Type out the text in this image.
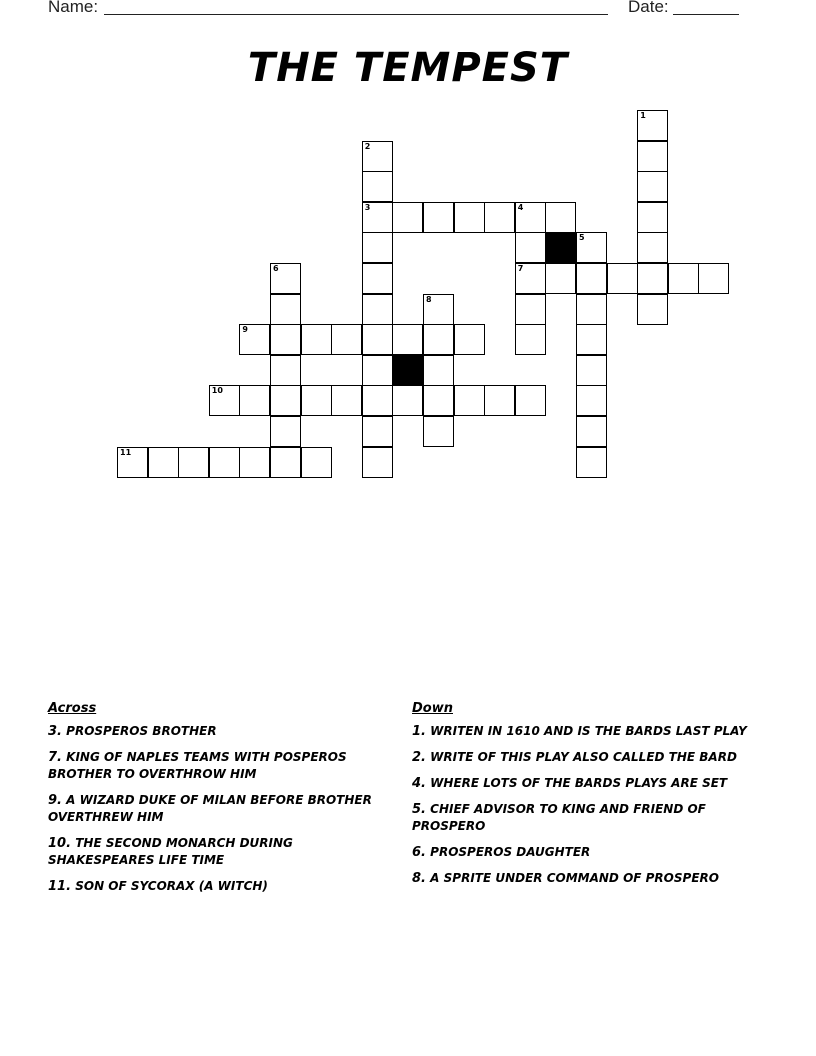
Name:	Date:
THE TEMPEST
1
2
3	4
7
5
6
8
9
10
11
Across
3. PROSPEROS BROTHER
7. KING OF NAPLES TEAMS WITH POSPEROS BROTHER TO OVERTHROW HIM
9. A WIZARD DUKE OF MILAN BEFORE BROTHER OVERTHREW HIM
10. THE SECOND MONARCH DURING SHAKESPEARES LIFE TIME
11. SON OF SYCORAX (A WITCH)
Down
1. WRITEN IN 1610 AND IS THE BARDS LAST PLAY
2. WRITE OF THIS PLAY ALSO CALLED THE BARD
4. WHERE LOTS OF THE BARDS PLAYS ARE SET
5. CHIEF ADVISOR TO KING AND FRIEND OF PROSPERO
6. PROSPEROS DAUGHTER
8. A SPRITE UNDER COMMAND OF PROSPERO
